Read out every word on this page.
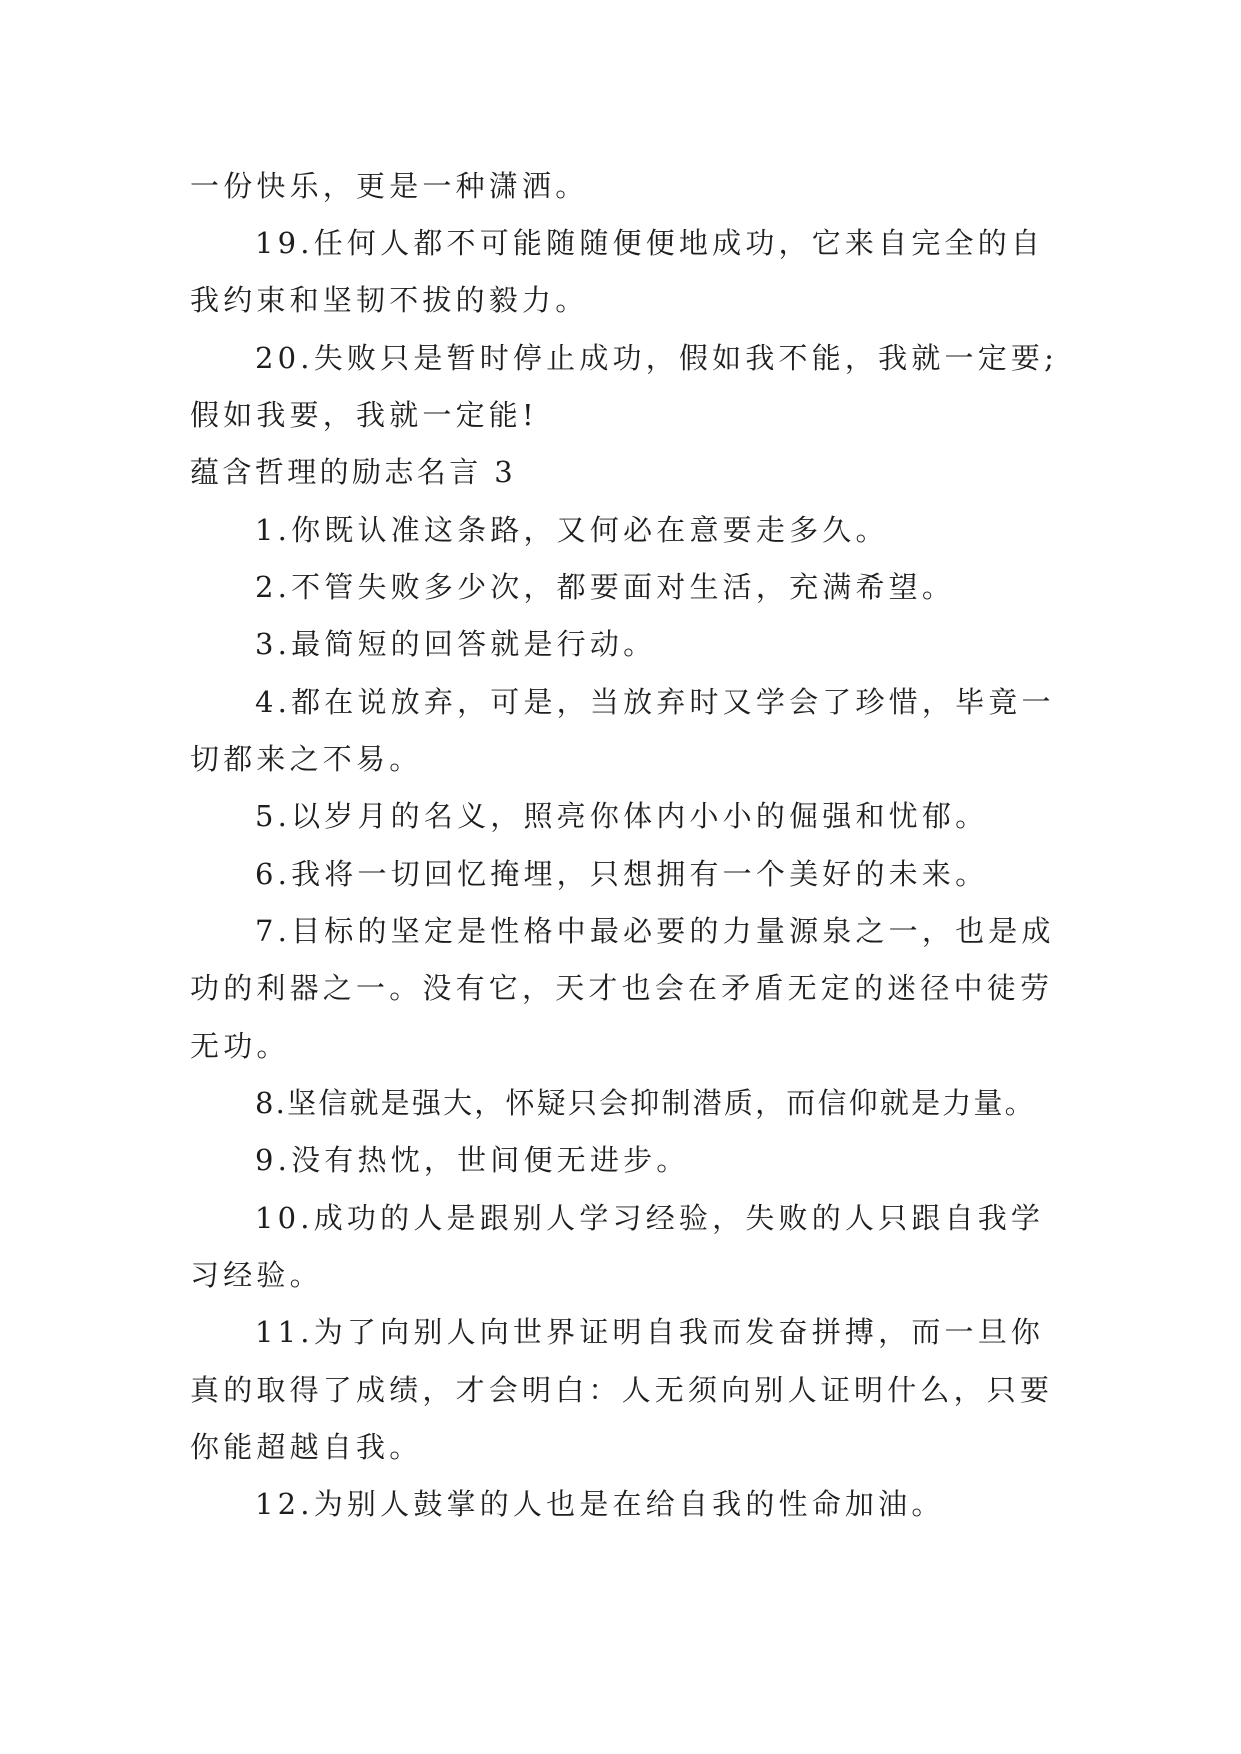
一份快乐，更是一种潇洒。

19.任何人都不可能随随便便地成功，它来自完全的自

我约束和坚韧不拔的毅力。

20.失败只是暂时停止成功，假如我不能，我就一定要;

假如我要，我就一定能!

蕴含哲理的励志名言 3

1.你既认准这条路，又何必在意要走多久。

2.不管失败多少次，都要面对生活，充满希望。

3.最简短的回答就是行动。

4.都在说放弃，可是，当放弃时又学会了珍惜，毕竟一

切都来之不易。

5.以岁月的名义，照亮你体内小小的倔强和忧郁。

6.我将一切回忆掩埋，只想拥有一个美好的未来。

7.目标的坚定是性格中最必要的力量源泉之一，也是成

功的利器之一。没有它，天才也会在矛盾无定的迷径中徒劳

无功。

8.坚信就是强大，怀疑只会抑制潜质，而信仰就是力量。

9.没有热忱，世间便无进步。

10.成功的人是跟别人学习经验，失败的人只跟自我学

习经验。

11.为了向别人向世界证明自我而发奋拼搏，而一旦你

真的取得了成绩，才会明白：人无须向别人证明什么，只要

你能超越自我。

12.为别人鼓掌的人也是在给自我的性命加油。
